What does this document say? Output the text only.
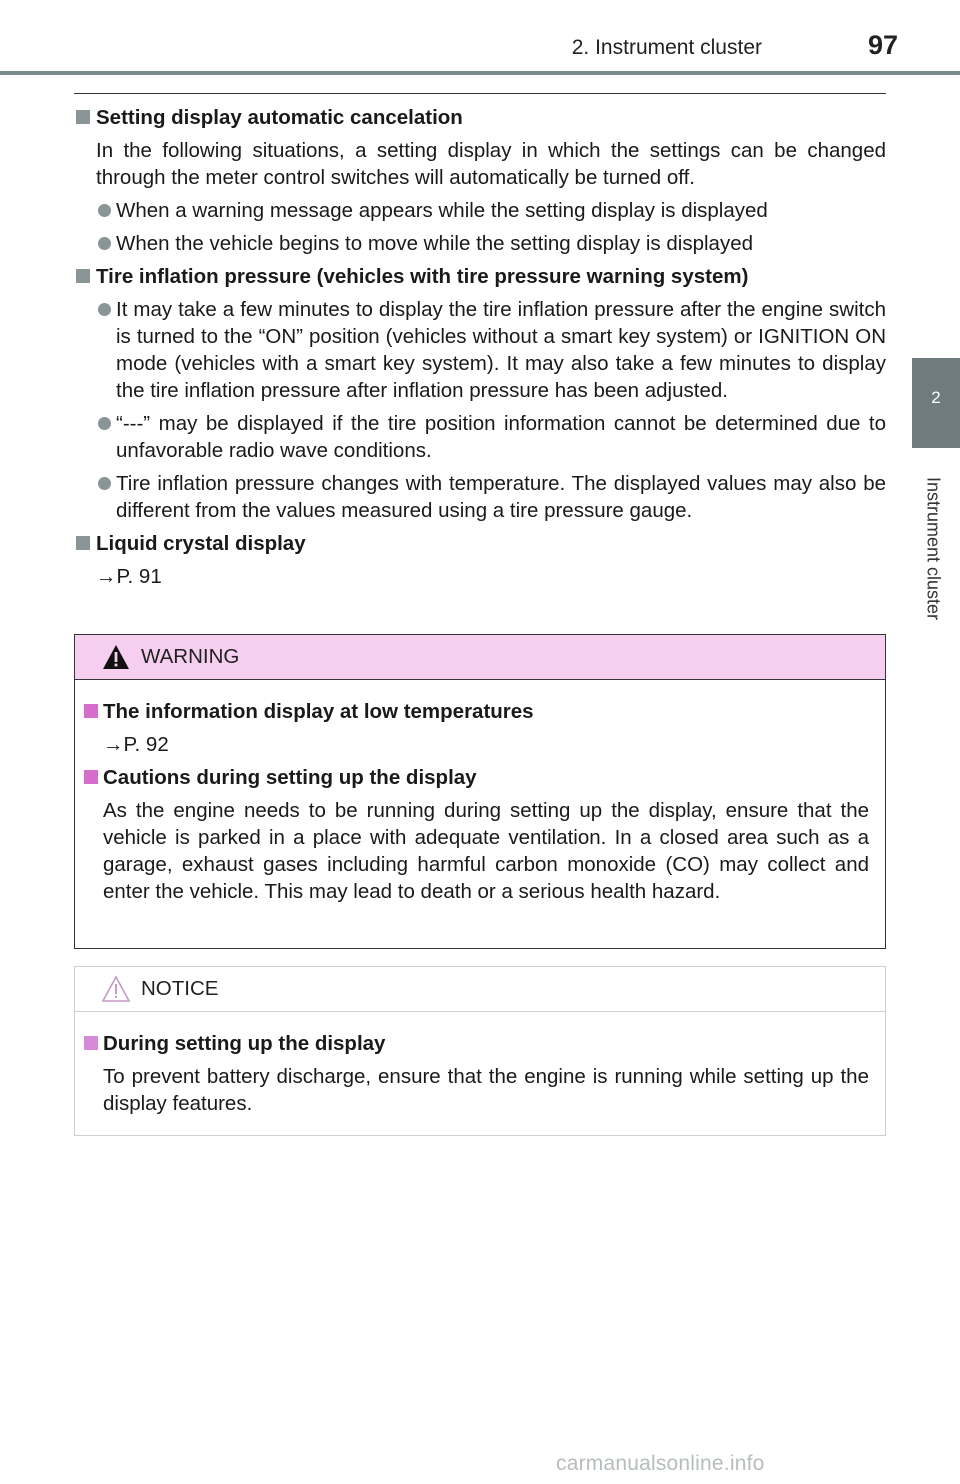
2. Instrument cluster	97
2
Instrument cluster
Setting display automatic cancelation
In the following situations, a setting display in which the settings can be changed through the meter control switches will automatically be turned off.
When a warning message appears while the setting display is displayed
When the vehicle begins to move while the setting display is displayed
Tire inflation pressure (vehicles with tire pressure warning system)
It may take a few minutes to display the tire inflation pressure after the engine switch is turned to the “ON” position (vehicles without a smart key system) or IGNITION ON mode (vehicles with a smart key system). It may also take a few minutes to display the tire inflation pressure after inflation pressure has been adjusted.
“---” may be displayed if the tire position information cannot be determined due to unfavorable radio wave conditions.
Tire inflation pressure changes with temperature. The displayed values may also be different from the values measured using a tire pressure gauge.
Liquid crystal display
→P. 91
WARNING
The information display at low temperatures
→P. 92
Cautions during setting up the display
As the engine needs to be running during setting up the display, ensure that the vehicle is parked in a place with adequate ventilation. In a closed area such as a garage, exhaust gases including harmful carbon monoxide (CO) may collect and enter the vehicle. This may lead to death or a serious health hazard.
NOTICE
During setting up the display
To prevent battery discharge, ensure that the engine is running while setting up the display features.
carmanualsonline.info
